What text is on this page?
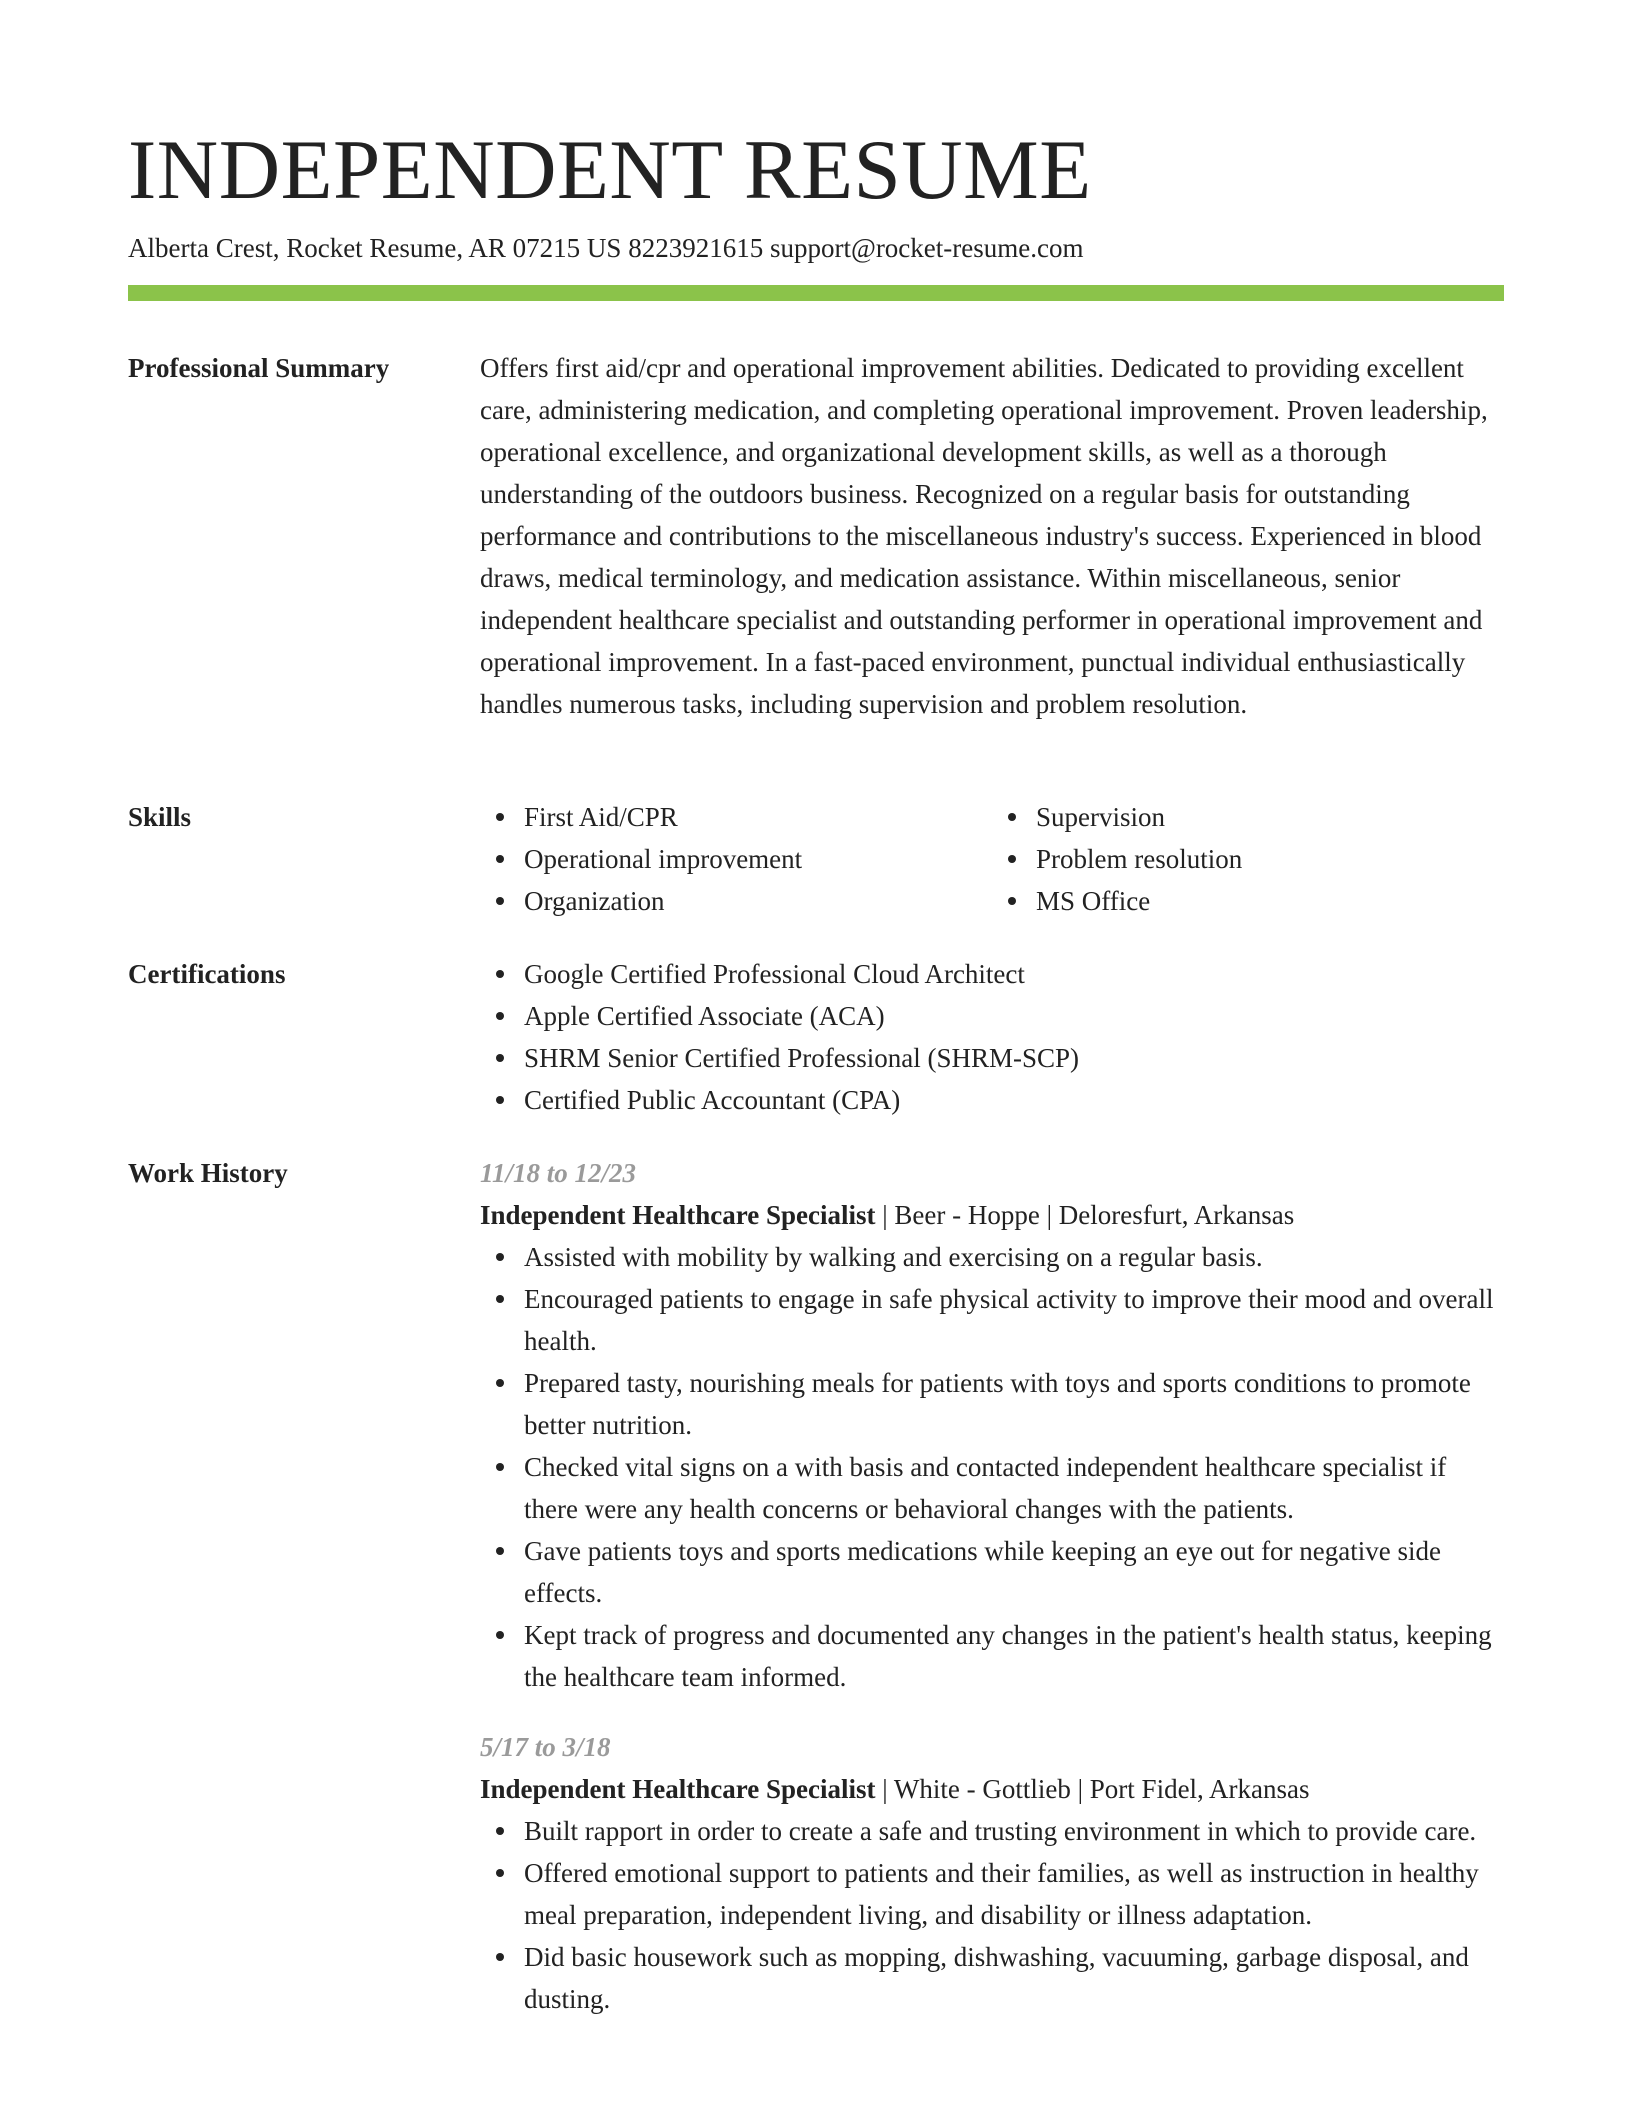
INDEPENDENT RESUME
Alberta Crest, Rocket Resume, AR 07215 US 8223921615 support@rocket-resume.com
Professional Summary	Offers first aid/cpr and operational improvement abilities. Dedicated to providing excellent care, administering medication, and completing operational improvement. Proven leadership, operational excellence, and organizational development skills, as well as a thorough understanding of the outdoors business. Recognized on a regular basis for outstanding performance and contributions to the miscellaneous industry's success. Experienced in blood draws, medical terminology, and medication assistance. Within miscellaneous, senior independent healthcare specialist and outstanding performer in operational improvement and operational improvement. In a fast-paced environment, punctual individual enthusiastically handles numerous tasks, including supervision and problem resolution.

Skills	First Aid/CPR
Operational improvement
Organization
Supervision
Problem resolution
MS Office
Certifications	Google Certified Professional Cloud Architect
Apple Certified Associate (ACA)
SHRM Senior Certified Professional (SHRM-SCP)
Certified Public Accountant (CPA)
Work History	11/18 to 12/23
Independent Healthcare Specialist | Beer - Hoppe | Deloresfurt, Arkansas
Assisted with mobility by walking and exercising on a regular basis.
Encouraged patients to engage in safe physical activity to improve their mood and overall health.
Prepared tasty, nourishing meals for patients with toys and sports conditions to promote better nutrition.
Checked vital signs on a with basis and contacted independent healthcare specialist if there were any health concerns or behavioral changes with the patients.
Gave patients toys and sports medications while keeping an eye out for negative side effects.
Kept track of progress and documented any changes in the patient's health status, keeping the healthcare team informed.
5/17 to 3/18
Independent Healthcare Specialist | White - Gottlieb | Port Fidel, Arkansas
Built rapport in order to create a safe and trusting environment in which to provide care.
Offered emotional support to patients and their families, as well as instruction in healthy meal preparation, independent living, and disability or illness adaptation.
Did basic housework such as mopping, dishwashing, vacuuming, garbage disposal, and dusting.
